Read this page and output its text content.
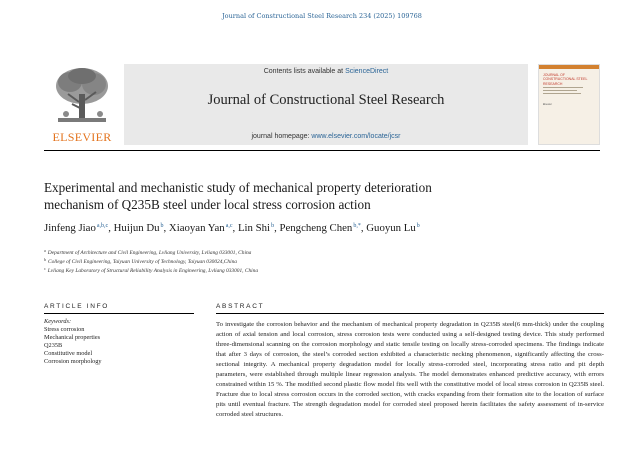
Journal of Constructional Steel Research 234 (2025) 109768
ELSEVIER
Contents lists available at ScienceDirect
Journal of Constructional Steel Research
journal homepage: www.elsevier.com/locate/jcsr
JOURNAL OF CONSTRUCTIONAL STEEL RESEARCH
Elsevier
Experimental and mechanistic study of mechanical property deterioration
mechanism of Q235B steel under local stress corrosion action
Jinfeng Jiao$^{a,b,c}$, Huijun Du$^b$, Xiaoyan Yan$^{a,c}$, Lin Shi$^b$, Pengcheng Chen$^{b,*}$, Guoyun Lu$^b$
$^a$ Department of Architecture and Civil Engineering, Lvliang University, Lvliang 033001, China
$^b$ College of Civil Engineering, Taiyuan University of Technology, Taiyuan 030024,China
$^c$ Lvliang Key Laboratory of Structural Reliability Analysis in Engineering, Lvliang 033001, China
ARTICLE INFO	ABSTRACT
Keywords:
Stress corrosion
Mechanical properties
Q235B
Constitutive model
Corrosion morphology
To investigate the corrosion behavior and the mechanism of mechanical property degradation in Q235B steel(6 mm-thick) under the coupling action of axial tension and local corrosion, stress corrosion tests were conducted using a self-designed testing device. This study performed three-dimensional scanning on the corrosion morphology and static tensile testing on locally stress-corroded specimens. The findings indicate that after 3 days of corrosion, the steel’s corroded section exhibited a characteristic necking phenomenon, significantly affecting the cross-sectional integrity. A mechanical property degradation model for locally stress-corroded steel, incorporating stress ratio and pit depth parameters, were established through multiple linear regression analysis. The model demonstrates enhanced predictive accuracy, with errors constrained within 15 %. The modified second plastic flow model fits well with the constitutive model of local stress corrosion in Q235B steel. Fracture due to local stress corrosion occurs in the corroded section, with cracks expanding from their formation site to the location of surface pits until eventual fracture. The strength degradation model for corroded steel proposed herein facilitates the safety assessment of in-service corroded steel structures.
